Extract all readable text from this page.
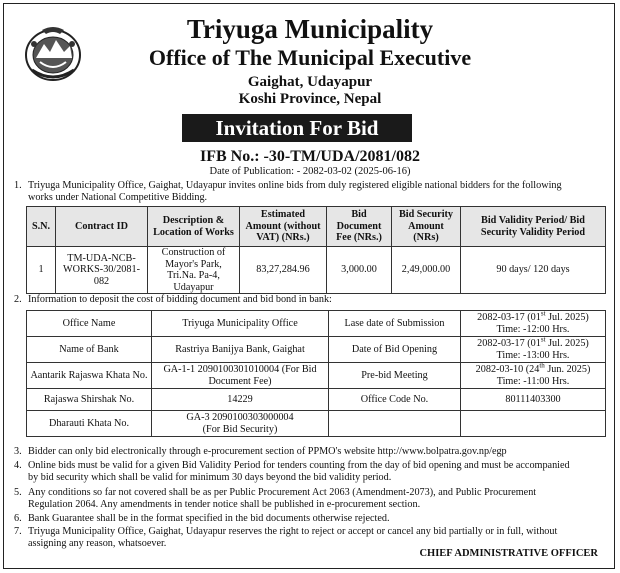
Triyuga Municipality
Office of The Municipal Executive
Gaighat, Udayapur
Koshi Province, Nepal
Invitation For Bid
IFB No.: -30-TM/UDA/2081/082
Date of Publication: - 2082-03-02 (2025-06-16)
1. Triyuga Municipality Office, Gaighat, Udayapur invites online bids from duly registered eligible national bidders for the following
works under National Competitive Bidding.
S.N.	Contract ID	Description & Location of Works	Estimated Amount (without VAT) (NRs.)	Bid Document Fee (NRs.)	Bid Security Amount (NRs)	Bid Validity Period/ Bid Security Validity Period
1	TM-UDA-NCB-WORKS-30/2081-082	Construction of Mayor's Park, Tri.Na. Pa-4, Udayapur	83,27,284.96	3,000.00	2,49,000.00	90 days/ 120 days
2. Information to deposit the cost of bidding document and bid bond in bank:
Office Name	Triyuga Municipality Office	Lase date of Submission	2082-03-17 (01st Jul. 2025)
Time: -12:00 Hrs.
Name of Bank	Rastriya Banijya Bank, Gaighat	Date of Bid Opening	2082-03-17 (01st Jul. 2025)
Time: -13:00 Hrs.
Aantarik Rajaswa Khata No.	GA-1-1 2090100301010004 (For Bid Document Fee)	Pre-bid Meeting	2082-03-10 (24th Jun. 2025)
Time: -11:00 Hrs.
Rajaswa Shirshak No.	14229	Office Code No.	80111403300
Dharauti Khata No.	GA-3 2090100303000004
(For Bid Security)		
3. Bidder can only bid electronically through e-procurement section of PPMO's website http://www.bolpatra.gov.np/egp
4. Online bids must be valid for a given Bid Validity Period for tenders counting from the day of bid opening and must be accompanied
by bid security which shall be valid for minimum 30 days beyond the bid validity period.
5. Any conditions so far not covered shall be as per Public Procurement Act 2063 (Amendment-2073), and Public Procurement
Regulation 2064. Any amendments in tender notice shall be published in e-procurement section.
6. Bank Guarantee shall be in the format specified in the bid documents otherwise rejected.
7. Triyuga Municipality Office, Gaighat, Udayapur reserves the right to reject or accept or cancel any bid partially or in full, without
assigning any reason, whatsoever.
CHIEF ADMINISTRATIVE OFFICER
